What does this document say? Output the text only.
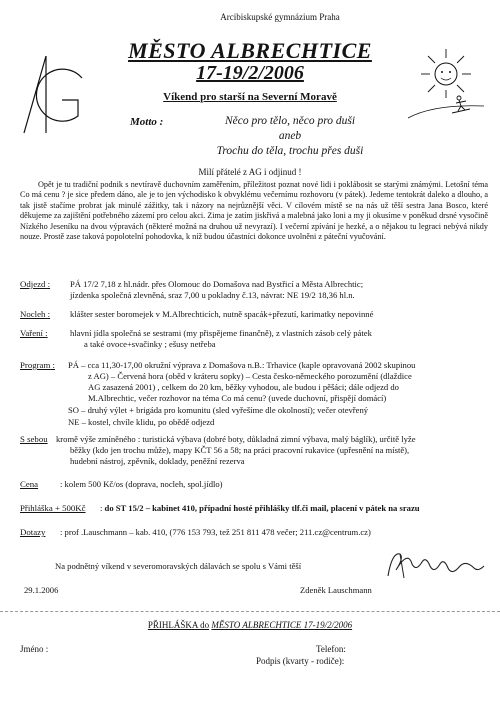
Arcibiskupské gymnázium Praha
MĚSTO ALBRECHTICE
17-19/2/2006
Víkend pro starší na Severní Moravě
Motto :	Něco pro tělo, něco pro duši
aneb
Trochu do těla, trochu přes duši
Milí přátelé z AG i odjinud !
Opět je tu tradiční podnik s nevtíravě duchovním zaměřením, příležitost poznat nové lidi i poklábosit se starými známými. Letošní téma Co má cenu ? je sice předem dáno, ale je to jen východisko k obvyklému večernímu rozhovoru (v pátek). Jedeme tentokrát daleko a dlouho, a tak jistě stačíme probrat jak minulé zážitky, tak i názory na nejrůznější věci. V cílovém místě se na nás už těší sestra Jana Bosco, které děkujeme za zajištění potřebného zázemí pro celou akci. Zima je zatím jiskřivá a malebná jako loni a my ji okusíme v poněkud drsné vysočině Nízkého Jeseníku na dvou výpravách (některé možná na druhou už nevyrazí). I večerní zpívání je hezké, a o nějakou tu legraci nebývá nikdy nouze. Prostě zase taková popolotelní pohodovka, k níž budou účastníci dokonce uvolněni z páteční vyučování.
Odjezd : PÁ 17/2 7,18 z hl.nádr. přes Olomouc do Domašova nad Bystřicí a Města Albrechtic;
jízdenka společná zlevněná, sraz 7,00 u pokladny č.13, návrat: NE 19/2 18,36 hl.n.
Nocleh : klášter sester boromejek v M.Albrechticích, nutně spacák+přezutí, karimatky nepovinné
Vaření :	hlavní jídla společná se sestrami (my přispějeme finančně), z vlastních zásob celý pátek
a také ovoce+svačinky ; ešusy netřeba
Program : PÁ – cca 11,30-17,00 okružní výprava z Domašova n.B.: Trhavice (kaple opravovaná 2002 skupinou
z AG) – Červená hora (oběd v kráteru sopky) – Cesta česko-německého porozumění (dlaždice
AG zasazená 2001) , celkem do 20 km, běžky vyhodou, ale budou i pěšáci; dále odjezd do
M.Albrechtic, večer rozhovor na téma Co má cenu? (uvede duchovní, přispějí domácí)
SO – druhý výlet + brigáda pro komunitu (sled vyřešíme dle okolností); večer otevřený
NE – kostel, chvíle klidu, po obědě odjezd
S sebou kromě výše zmíněného : turistická výbava (dobré boty, důkladná zimní výbava, malý báglík), určitě lyže
běžky (kdo jen trochu může), mapy KČT 56 a 58; na práci pracovní rukavice (upřesnění na místě),
hudební nástroj, zpěvník, doklady, peněžní rezerva
Cena	: kolem 500 Kč/os (doprava, nocleh, spol.jídlo)
Přihláška + 500Kč : do ST 15/2 – kabinet 410, případní hosté přihlášky tlf.či mail, placení v pátek na srazu
Dotazy : prof .Lauschmann – kab. 410, (776 153 793, tež 251 811 478 večer; 211.cz@centrum.cz)
Na podnětný víkend v severomoravských dálavách se spolu s Vámi těší
29.1.2006	Zdeněk Lauschmann
PŘIHLÁŠKA do MĚSTO ALBRECHTICE 17-19/2/2006
Jméno :	Telefon:
Podpis (kvarty - rodiče):
